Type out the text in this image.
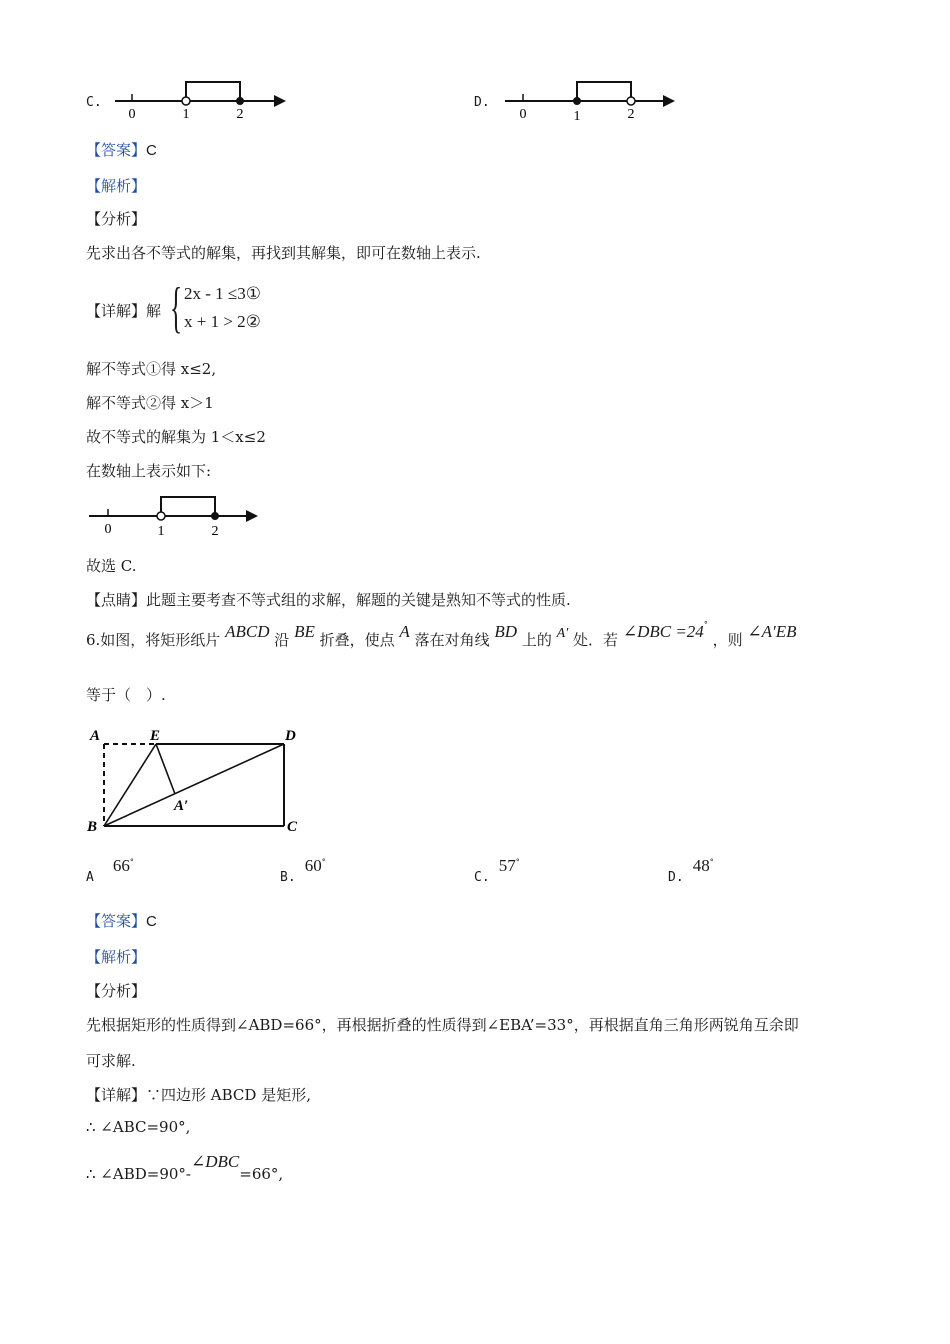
C.
0	1	2
D.
0	1	2
【答案】C
【解析】
【分析】
先求出各不等式的解集，再找到其解集，即可在数轴上表示.
【详解】解 { 2x - 1 ≤3①
x + 1 > 2②
解不等式①得 x≤2,
解不等式②得 x＞1
故不等式的解集为 1＜x≤2
在数轴上表示如下:
0	1	2
故选 C.
【点睛】此题主要考查不等式组的求解，解题的关键是熟知不等式的性质.
6.如图，将矩形纸片 ABCD 沿 BE 折叠，使点 A 落在对角线 BD 上的 A′ 处．若 ∠DBC =24° ，则 ∠A′EB
等于（　）.
A	E	D
B	C
A′
$_A$ 66°
$_{B.}$ 60°
$_{C.}$ 57°
$_{D.}$ 48°
【答案】C
【解析】
【分析】
先根据矩形的性质得到∠ABD=66°，再根据折叠的性质得到∠EBA’=33°，再根据直角三角形两锐角互余即
可求解.
【详解】∵四边形 ABCD 是矩形,
∴ ∠ABC=90°,
∴ ∠ABD=90°-∠DBC=66°,
